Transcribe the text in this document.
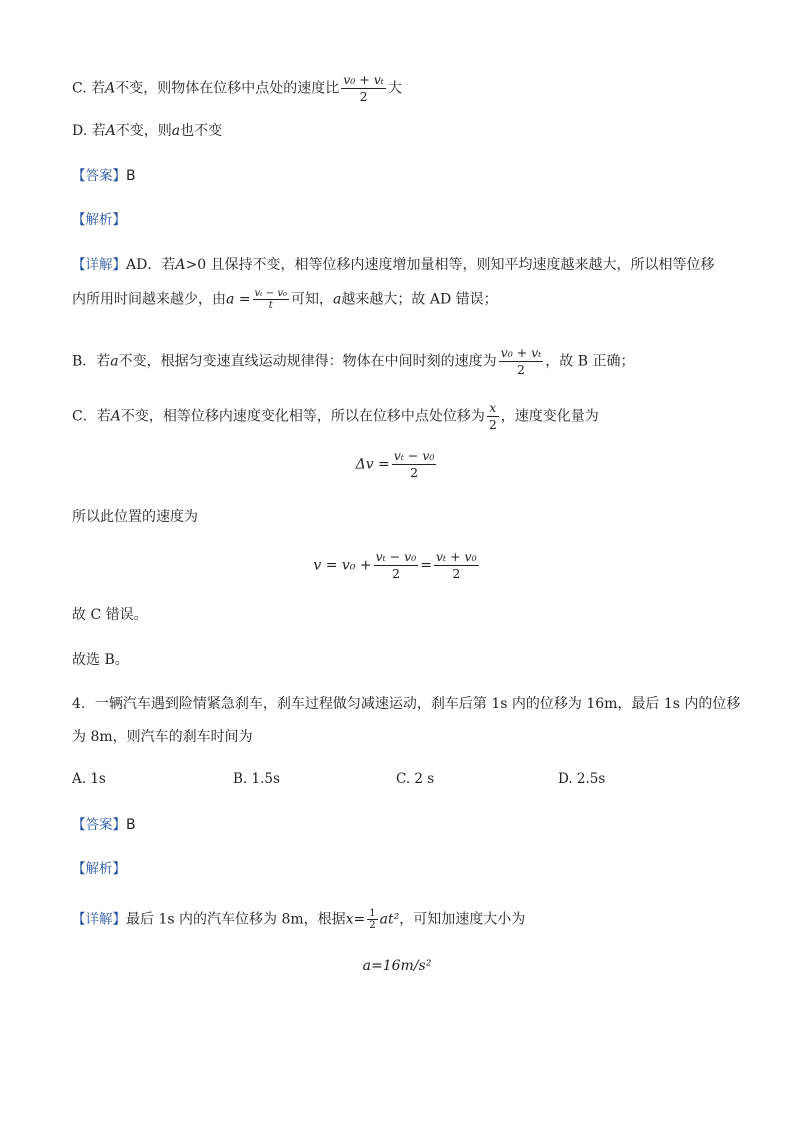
C. 若A不变，则物体在位移中点处的速度比 $\frac{\text{v₀ + vₜ}}{2}$ 大
D. 若A不变，则a也不变
【答案】B
【解析】
【详解】AD．若A>0 且保持不变，相等位移内速度增加量相等，则知平均速度越来越大，所以相等位移
内所用时间越来越少，由$a = \frac{\text{vₜ − v₀}}{t}$ 可知，a越来越大；故 AD 错误；
B．若a不变，根据匀变速直线运动规律得：物体在中间时刻的速度为 $\frac{\text{v₀ + vₜ}}{2}$ ，故 B 正确；
C．若A不变，相等位移内速度变化相等，所以在位移中点处位移为 $\frac{x}{2}$ ，速度变化量为
$\Delta v = \frac{\text{vₜ − v₀}}{2}$
所以此位置的速度为
$v = v_0 + \frac{\text{vₜ − v₀}}{2} = \frac{\text{vₜ + v₀}}{2}$
故 C 错误。
故选 B。
4．一辆汽车遇到险情紧急刹车，刹车过程做匀减速运动，刹车后第 1s 内的位移为 16m，最后 1s 内的位移
为 8m，则汽车的刹车时间为
A. 1s	B. 1.5s	C. 2 s	D. 2.5s
【答案】B
【解析】
【详解】最后 1s 内的汽车位移为 8m，根据$x= \frac{1}{2} at^2$，可知加速度大小为
a=16m/s²
